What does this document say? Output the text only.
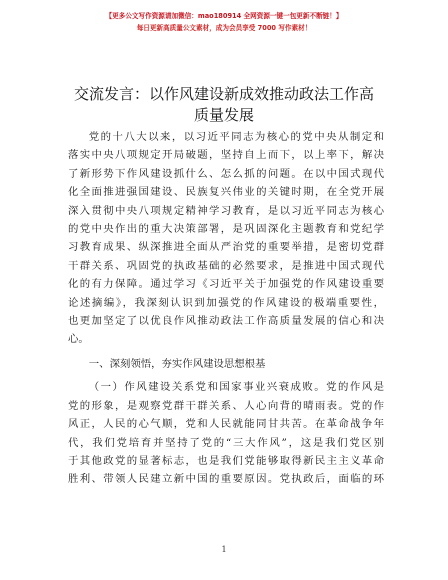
【更多公文写作资源请加微信：mao180914 全网资源一键一包更新不断链！】
每日更新高质量公文素材，成为会员享受 7000 写作素材！
交流发言：以作风建设新成效推动政法工作高
质量发展

党的十八大以来，以习近平同志为核心的党中央从制定和
落实中央八项规定开局破题，坚持自上而下，以上率下，解决
了新形势下作风建设抓什么、怎么抓的问题。在以中国式现代
化全面推进强国建设、民族复兴伟业的关键时期，在全党开展
深入贯彻中央八项规定精神学习教育，是以习近平同志为核心
的党中央作出的重大决策部署，是巩固深化主题教育和党纪学
习教育成果、纵深推进全面从严治党的重要举措，是密切党群
干群关系、巩固党的执政基础的必然要求，是推进中国式现代
化的有力保障。通过学习《习近平关于加强党的作风建设重要
论述摘编》，我深刻认识到加强党的作风建设的极端重要性，
也更加坚定了以优良作风推动政法工作高质量发展的信心和决
心。

一、深刻领悟，夯实作风建设思想根基

（一）作风建设关系党和国家事业兴衰成败。党的作风是
党的形象，是观察党群干群关系、人心向背的晴雨表。党的作
风正，人民的心气顺，党和人民就能同甘共苦。在革命战争年
代，我们党培育并坚持了党的“三大作风”，这是我们党区别
于其他政党的显著标志，也是我们党能够取得新民主主义革命
胜利、带领人民建立新中国的重要原因。党执政后，面临的环

1
